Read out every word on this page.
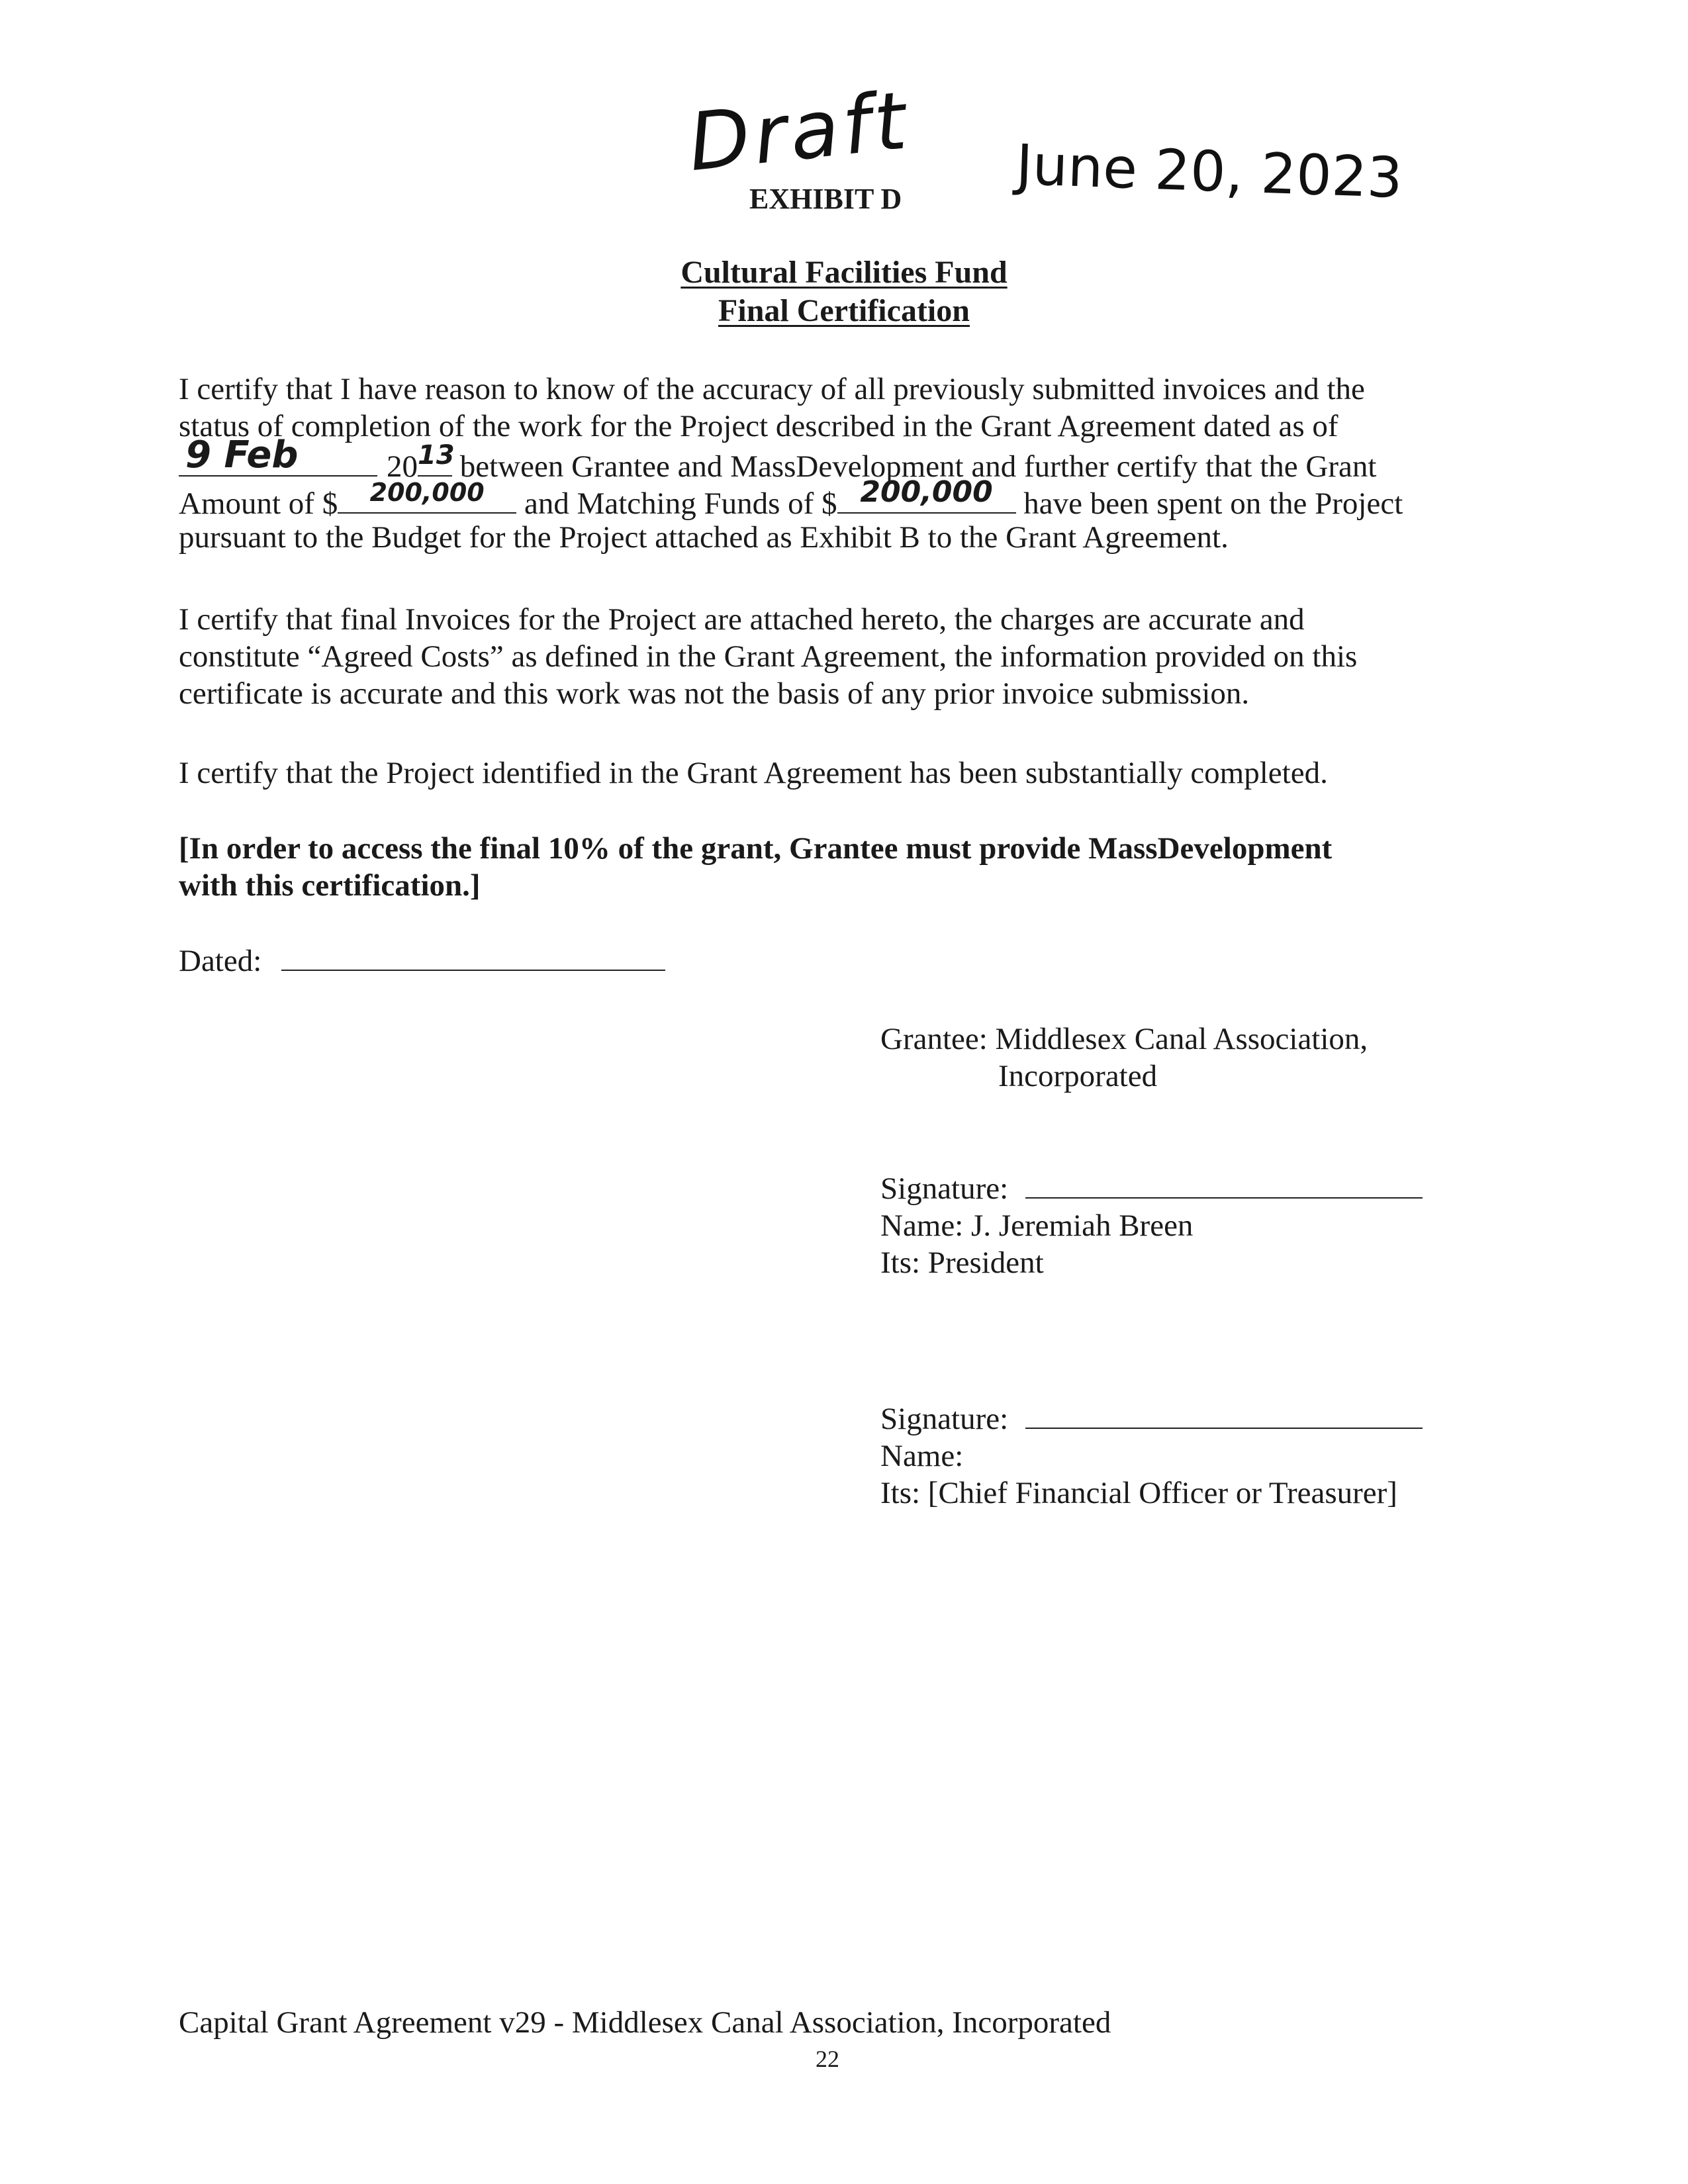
Draft June 20, 2023
EXHIBIT D
Cultural Facilities Fund
Final Certification
I certify that I have reason to know of the accuracy of all previously submitted invoices and the
status of completion of the work for the Project described in the Grant Agreement dated as of
9 Feb	20 13
between Grantee and MassDevelopment and further certify that the Grant
Amount of $	200,000	and Matching Funds of $ 200,000 have been spent on the Project
pursuant to the Budget for the Project attached as Exhibit B to the Grant Agreement.
I certify that final Invoices for the Project are attached hereto, the charges are accurate and
constitute “Agreed Costs” as defined in the Grant Agreement, the information provided on this
certificate is accurate and this work was not the basis of any prior invoice submission.
I certify that the Project identified in the Grant Agreement has been substantially completed.
[In order to access the final 10% of the grant, Grantee must provide MassDevelopment
with this certification.]
Dated:
Grantee: Middlesex Canal Association,
Incorporated
Signature:
Name: J. Jeremiah Breen
Its: President
Signature:
Name:
Its: [Chief Financial Officer or Treasurer]
Capital Grant Agreement v29 - Middlesex Canal Association, Incorporated
22
